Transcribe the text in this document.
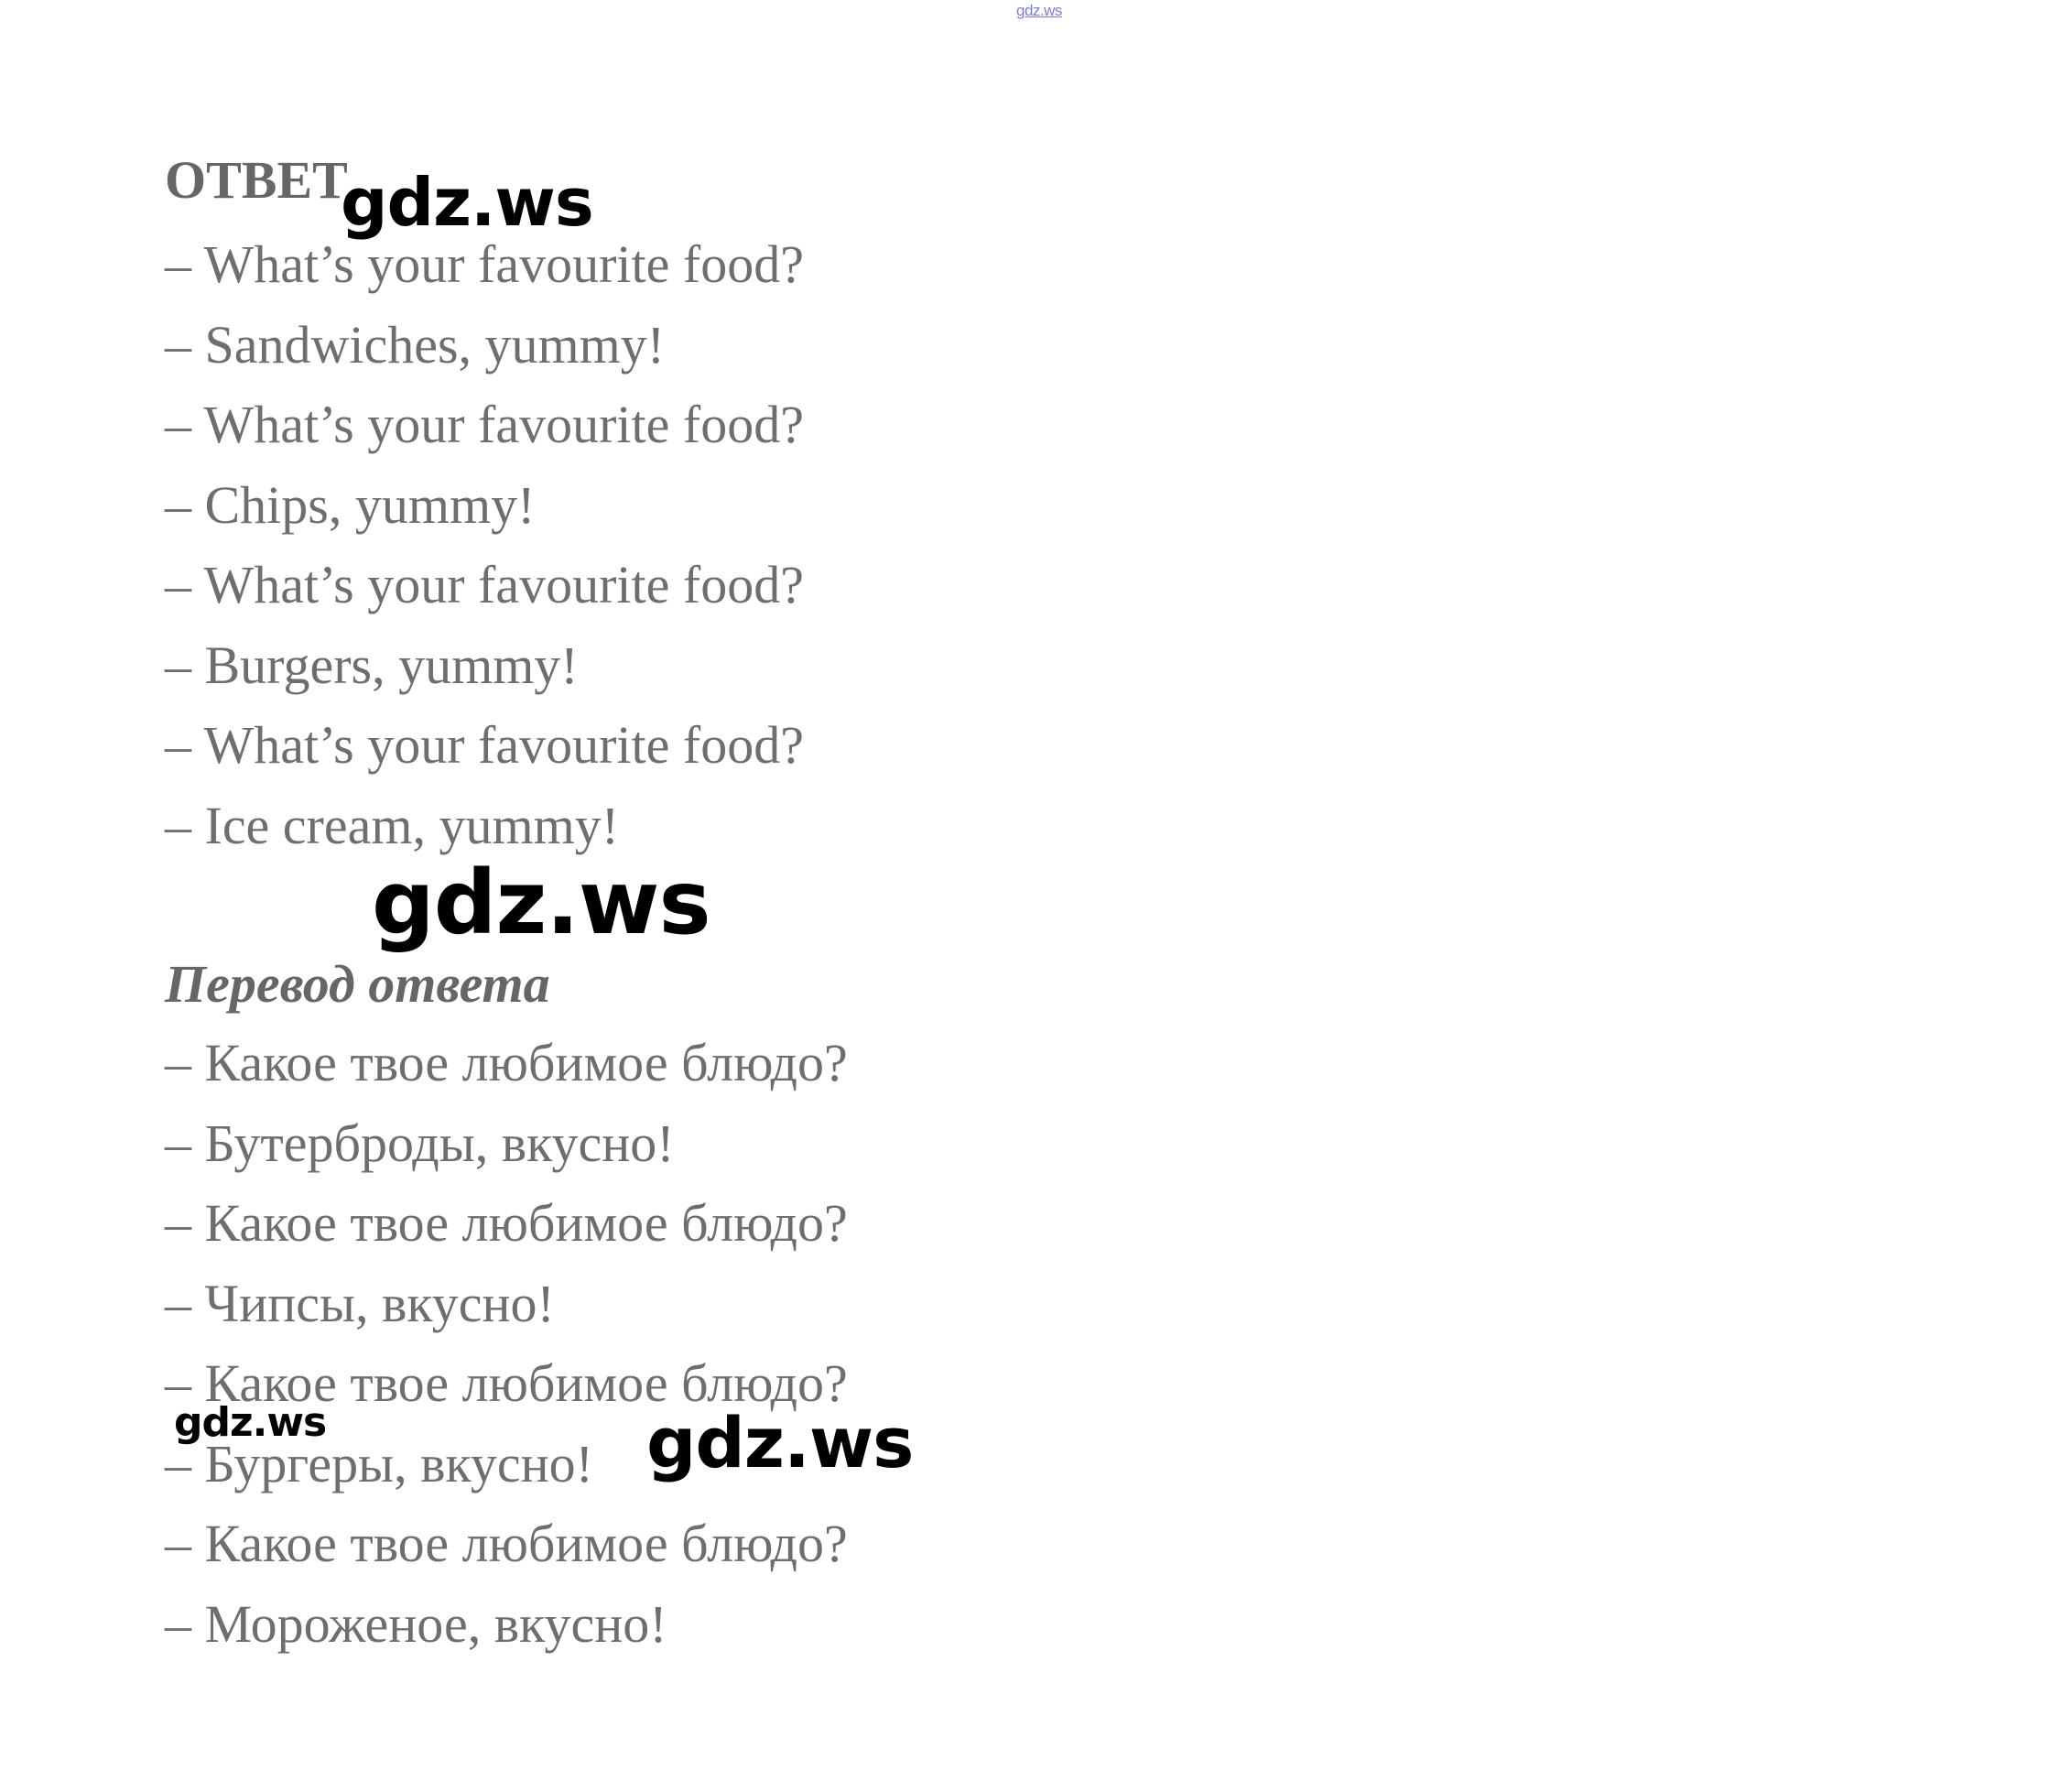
gdz.ws
ОТВЕТ
– What’s your favourite food?
– Sandwiches, yummy!
– What’s your favourite food?
– Chips, yummy!
– What’s your favourite food?
– Burgers, yummy!
– What’s your favourite food?
– Ice cream, yummy!
Перевод ответа
– Какое твое любимое блюдо?
– Бутерброды, вкусно!
– Какое твое любимое блюдо?
– Чипсы, вкусно!
– Какое твое любимое блюдо?
– Бургеры, вкусно!
– Какое твое любимое блюдо?
– Мороженое, вкусно!
gdz.ws
gdz.ws
gdz.ws	gdz.ws
